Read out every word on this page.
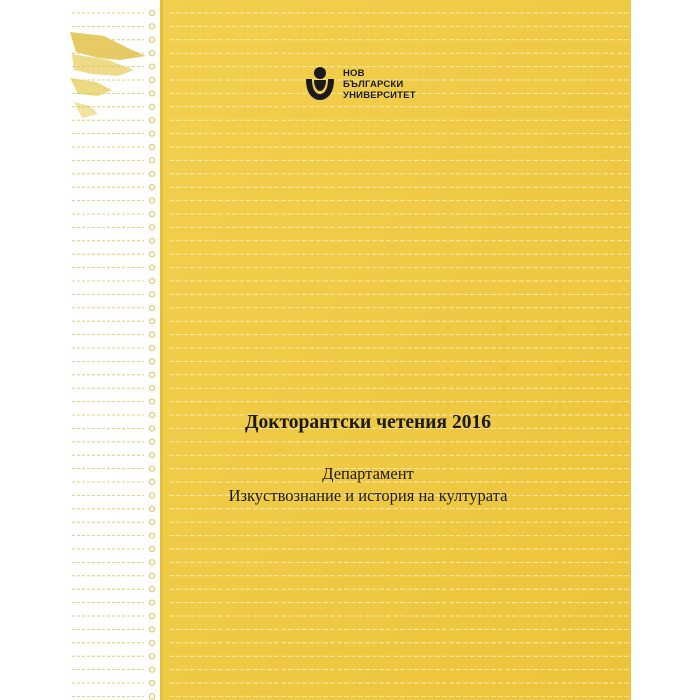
НОВ
БЪЛГАРСКИ
УНИВЕРСИТЕТ
Докторантски четения 2016
Департамент
Изкуствознание и история на културата
